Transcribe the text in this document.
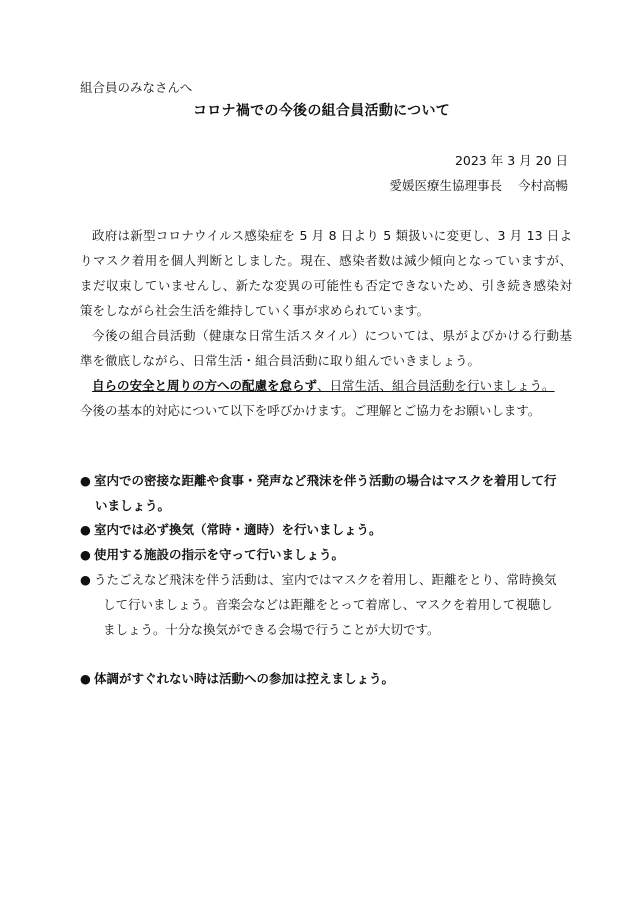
組合員のみなさんへ
コロナ禍での今後の組合員活動について
2023 年 3 月 20 日
愛媛医療生協理事長 今村高暢
政府は新型コロナウイルス感染症を 5 月 8 日より 5 類扱いに変更し、3 月 13 日よ
りマスク着用を個人判断としました。現在、感染者数は減少傾向となっていますが、
まだ収束していませんし、新たな変異の可能性も否定できないため、引き続き感染対
策をしながら社会生活を維持していく事が求められています。
今後の組合員活動（健康な日常生活スタイル）については、県がよびかける行動基
準を徹底しながら、日常生活・組合員活動に取り組んでいきましょう。
自らの安全と周りの方への配慮を怠らず、日常生活、組合員活動を行いましょう。
今後の基本的対応について以下を呼びかけます。ご理解とご協力をお願いします。
● 室内での密接な距離や食事・発声など飛沫を伴う活動の場合はマスクを着用して行
いましょう。
● 室内では必ず換気（常時・適時）を行いましょう。
● 使用する施設の指示を守って行いましょう。
● うたごえなど飛沫を伴う活動は、室内ではマスクを着用し、距離をとり、常時換気
して行いましょう。音楽会などは距離をとって着席し、マスクを着用して視聴し
ましょう。十分な換気ができる会場で行うことが大切です。
● 体調がすぐれない時は活動への参加は控えましょう。
